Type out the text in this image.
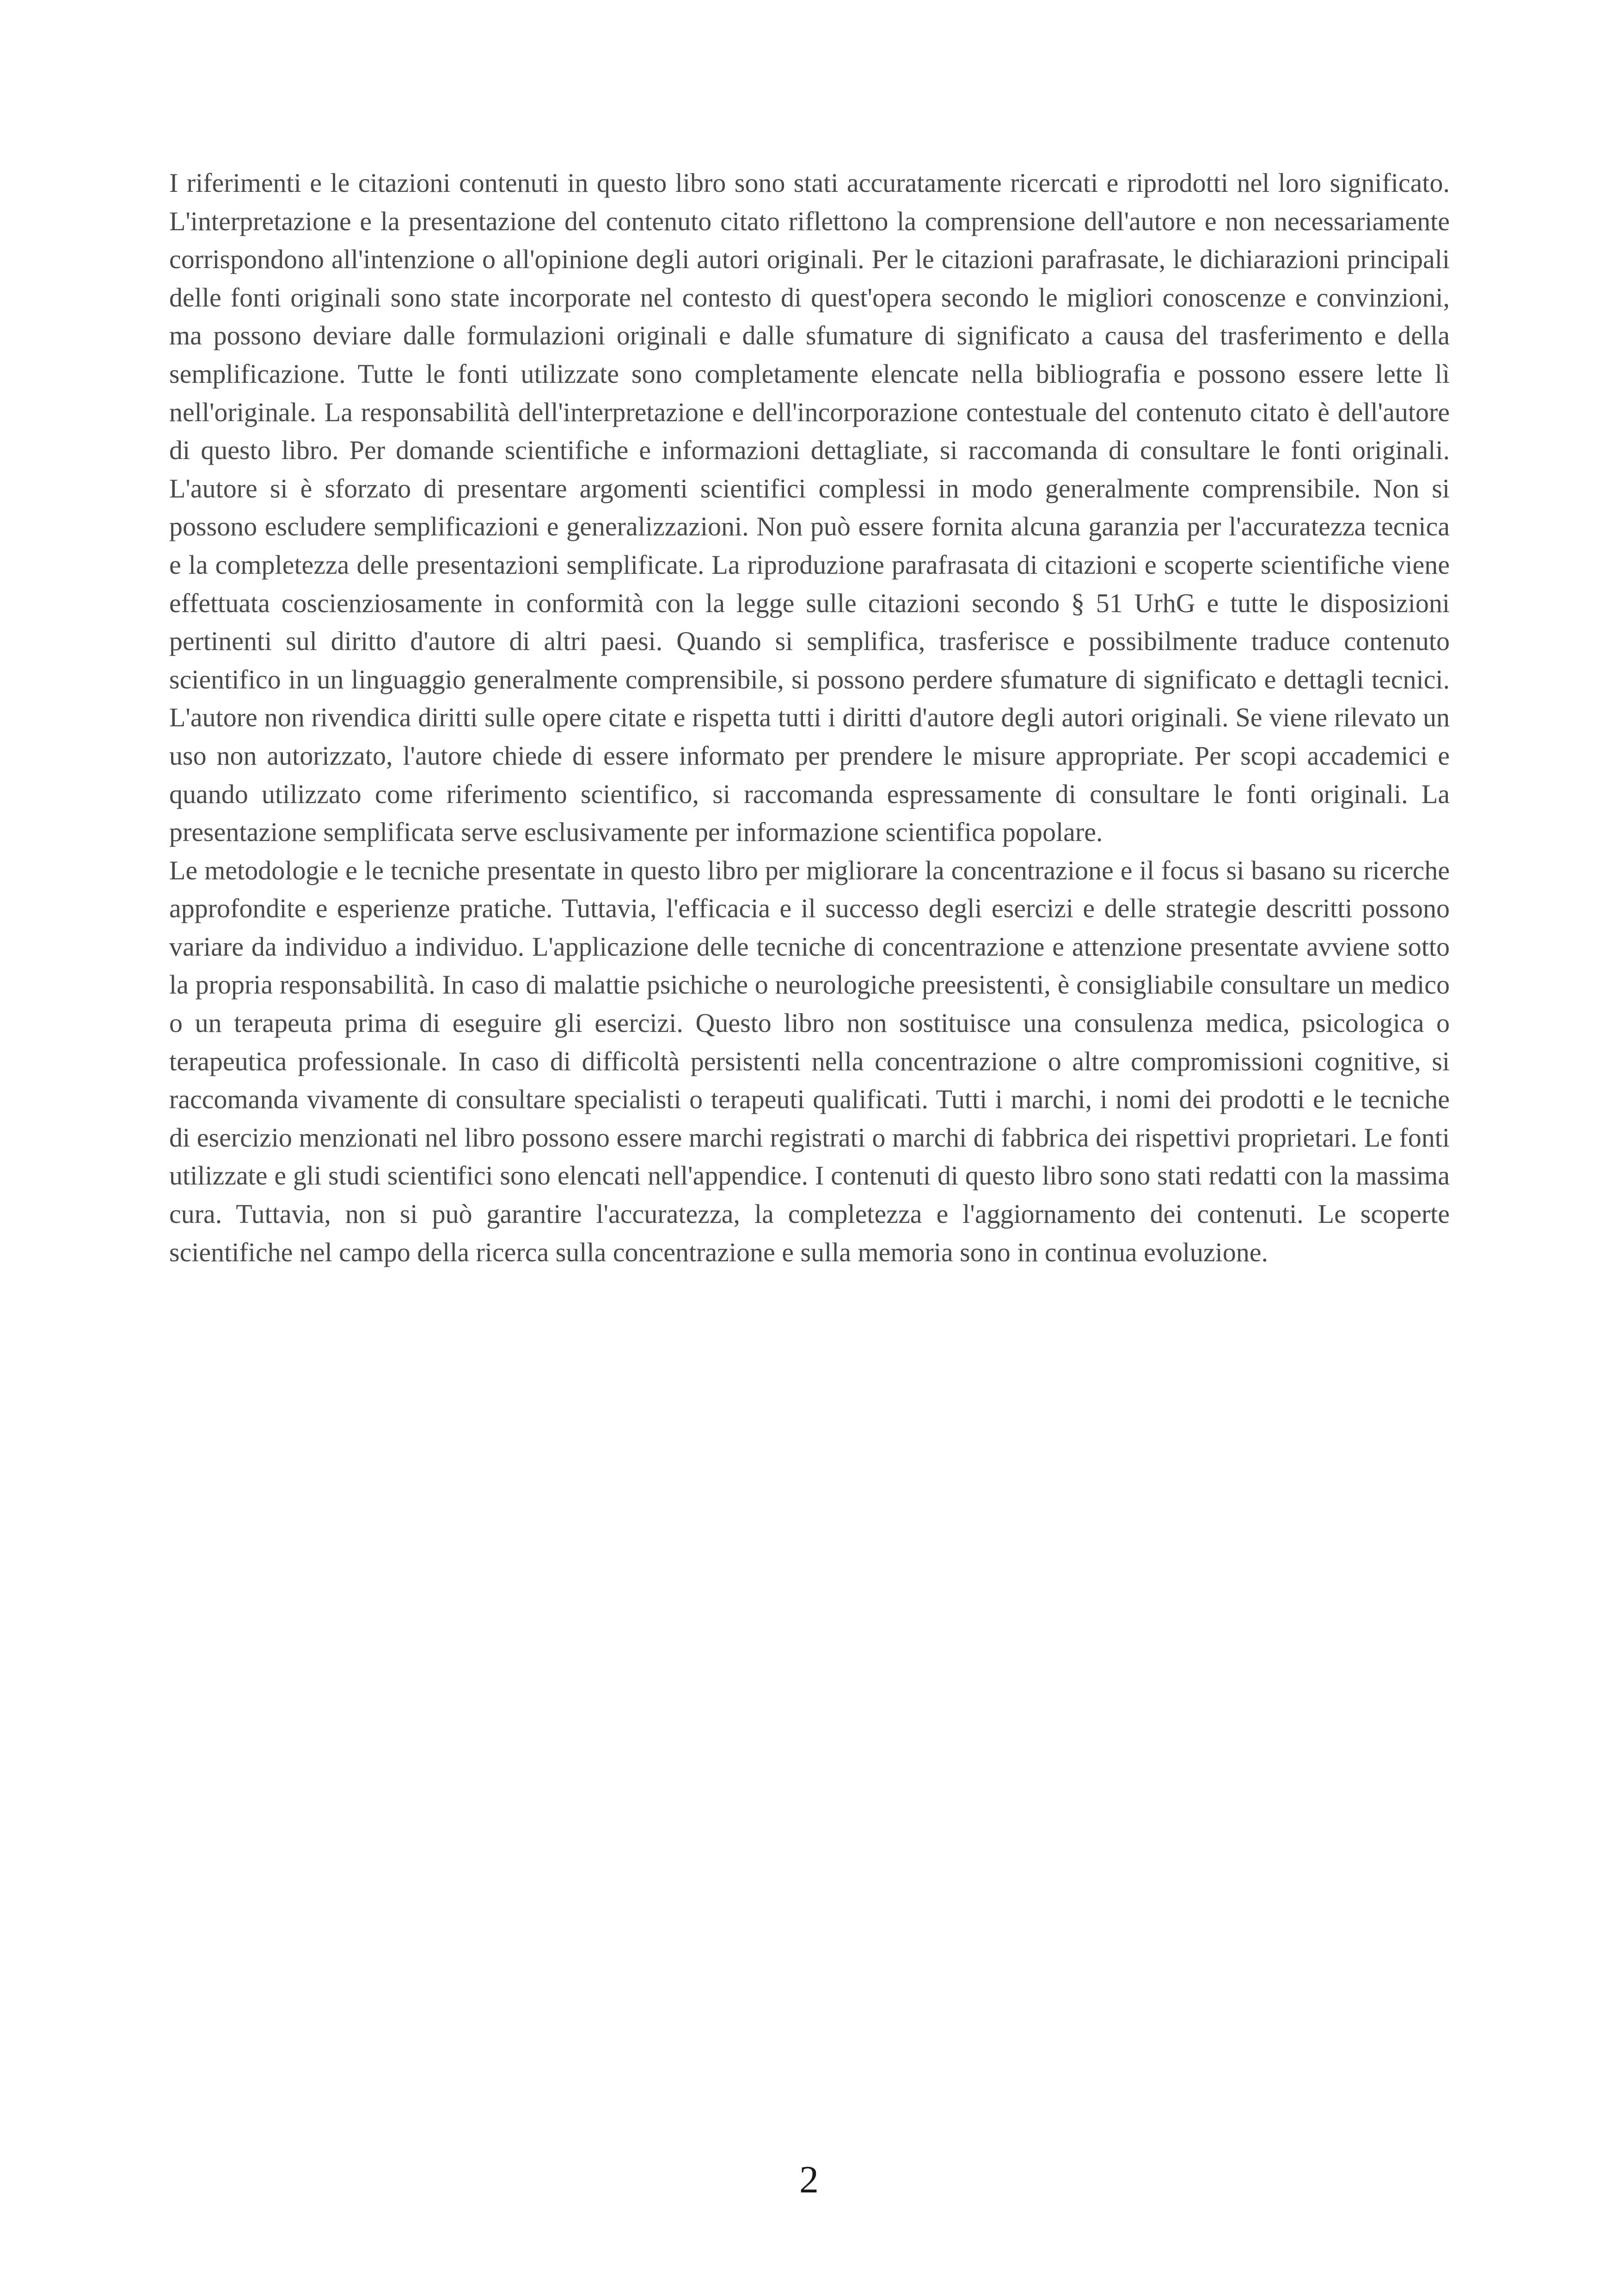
I riferimenti e le citazioni contenuti in questo libro sono stati accuratamente ricercati e riprodotti nel loro significato. L'interpretazione e la presentazione del contenuto citato riflettono la comprensione dell'autore e non necessariamente corrispondono all'intenzione o all'opinione degli autori originali. Per le citazioni parafrasate, le dichiarazioni principali delle fonti originali sono state incorporate nel contesto di quest'opera secondo le migliori conoscenze e convinzioni, ma possono deviare dalle formulazioni originali e dalle sfumature di significato a causa del trasferimento e della semplificazione. Tutte le fonti utilizzate sono completamente elencate nella bibliografia e possono essere lette lì nell'originale. La responsabilità dell'interpretazione e dell'incorporazione contestuale del contenuto citato è dell'autore di questo libro. Per domande scientifiche e informazioni dettagliate, si raccomanda di consultare le fonti originali. L'autore si è sforzato di presentare argomenti scientifici complessi in modo generalmente comprensibile. Non si possono escludere semplificazioni e generalizzazioni. Non può essere fornita alcuna garanzia per l'accuratezza tecnica e la completezza delle presentazioni semplificate. La riproduzione parafrasata di citazioni e scoperte scientifiche viene effettuata coscienziosamente in conformità con la legge sulle citazioni secondo § 51 UrhG e tutte le disposizioni pertinenti sul diritto d'autore di altri paesi. Quando si semplifica, trasferisce e possibilmente traduce contenuto scientifico in un linguaggio generalmente comprensibile, si possono perdere sfumature di significato e dettagli tecnici. L'autore non rivendica diritti sulle opere citate e rispetta tutti i diritti d'autore degli autori originali. Se viene rilevato un uso non autorizzato, l'autore chiede di essere informato per prendere le misure appropriate. Per scopi accademici e quando utilizzato come riferimento scientifico, si raccomanda espressamente di consultare le fonti originali. La presentazione semplificata serve esclusivamente per informazione scientifica popolare.

Le metodologie e le tecniche presentate in questo libro per migliorare la concentrazione e il focus si basano su ricerche approfondite e esperienze pratiche. Tuttavia, l'efficacia e il successo degli esercizi e delle strategie descritti possono variare da individuo a individuo. L'applicazione delle tecniche di concentrazione e attenzione presentate avviene sotto la propria responsabilità. In caso di malattie psichiche o neurologiche preesistenti, è consigliabile consultare un medico o un terapeuta prima di eseguire gli esercizi. Questo libro non sostituisce una consulenza medica, psicologica o terapeutica professionale. In caso di difficoltà persistenti nella concentrazione o altre compromissioni cognitive, si raccomanda vivamente di consultare specialisti o terapeuti qualificati. Tutti i marchi, i nomi dei prodotti e le tecniche di esercizio menzionati nel libro possono essere marchi registrati o marchi di fabbrica dei rispettivi proprietari. Le fonti utilizzate e gli studi scientifici sono elencati nell'appendice. I contenuti di questo libro sono stati redatti con la massima cura. Tuttavia, non si può garantire l'accuratezza, la completezza e l'aggiornamento dei contenuti. Le scoperte scientifiche nel campo della ricerca sulla concentrazione e sulla memoria sono in continua evoluzione.

2
